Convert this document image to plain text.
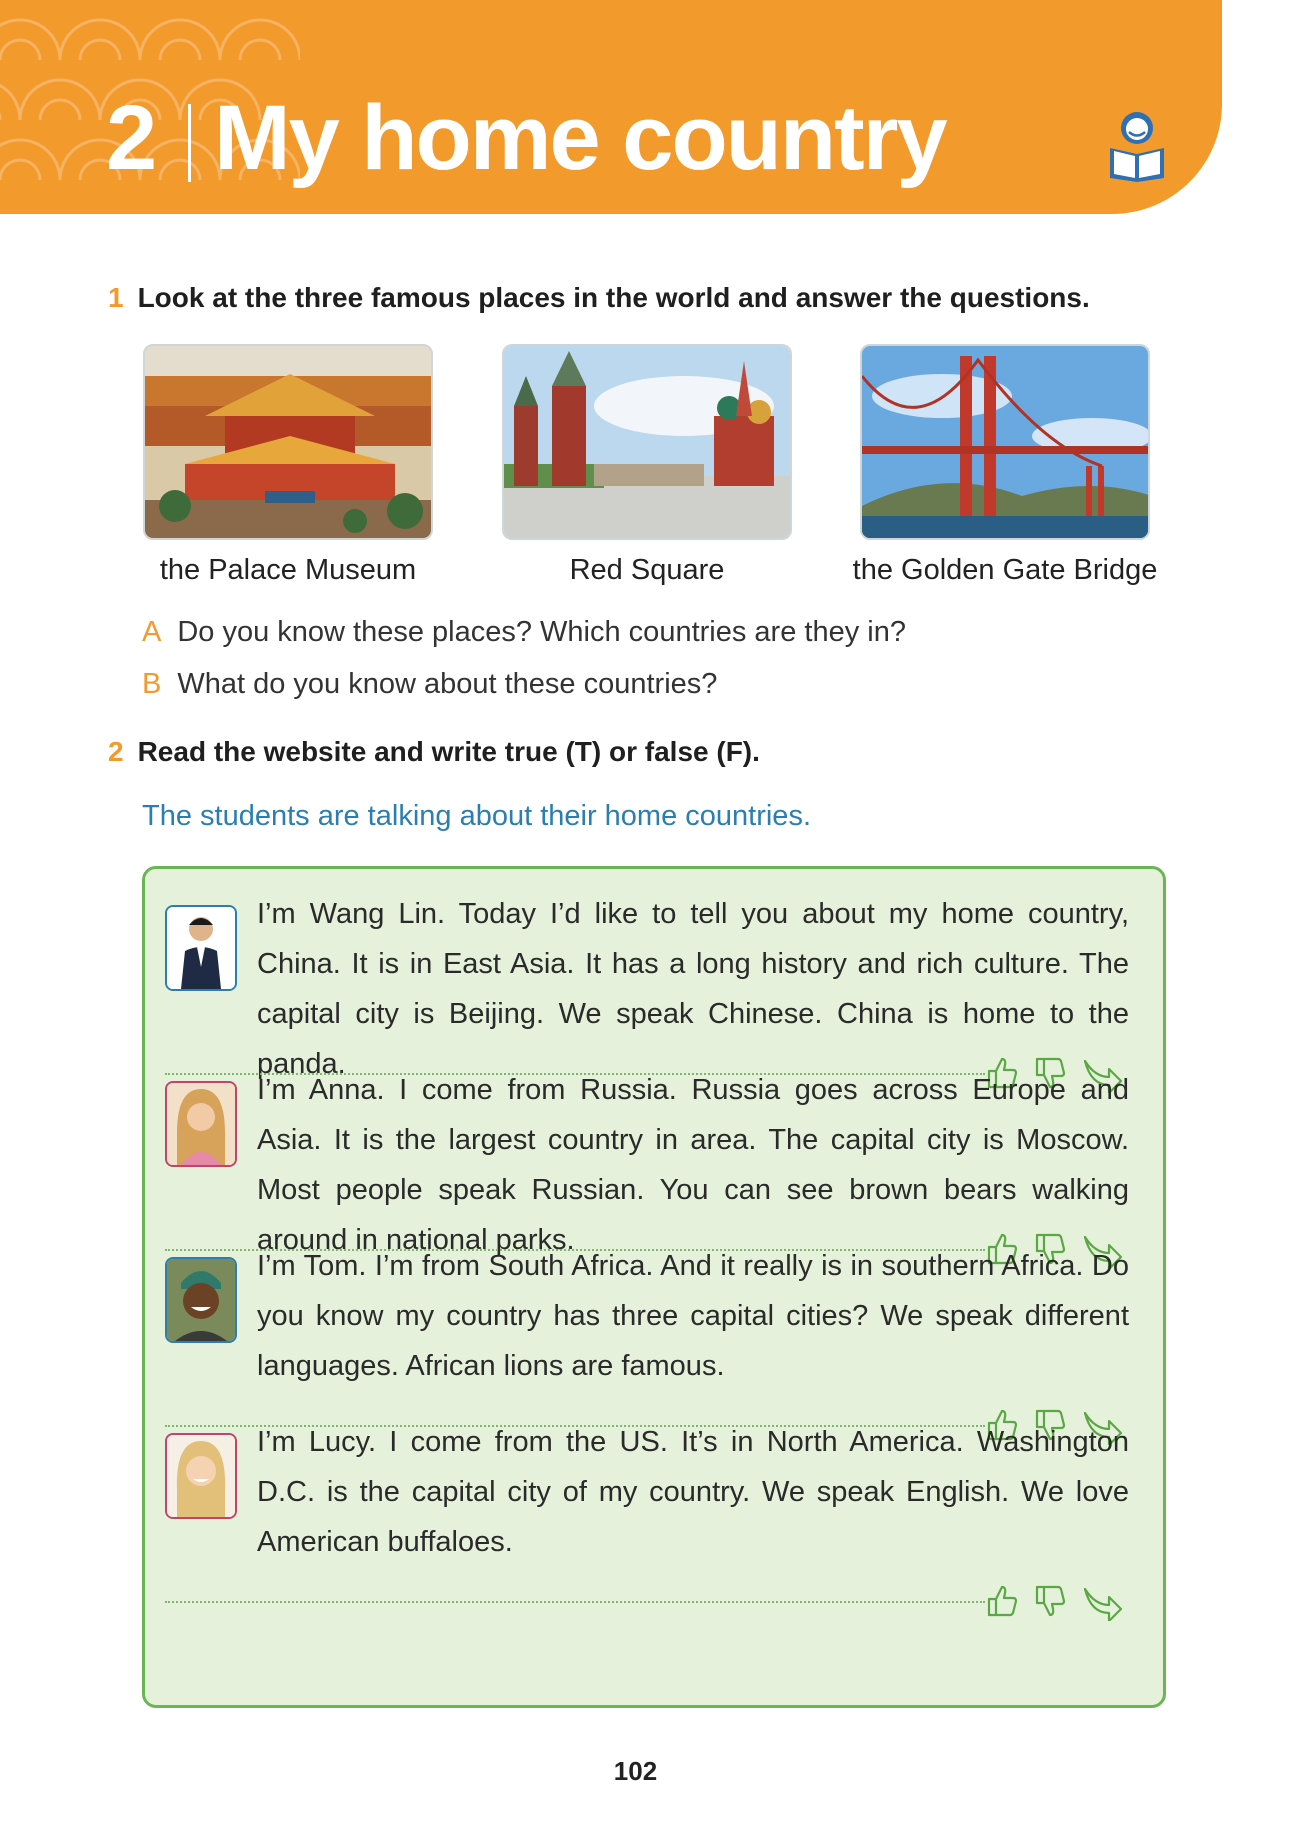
2 My home country
1 Look at the three famous places in the world and answer the questions.
the Palace Museum	Red Square	the Golden Gate Bridge
A Do you know these places? Which countries are they in?
B What do you know about these countries?
2 Read the website and write true (T) or false (F).
The students are talking about their home countries.
I’m Wang Lin. Today I’d like to tell you about my home country, China. It is in East Asia. It has a long history and rich culture. The capital city is Beijing. We speak Chinese. China is home to the panda.
I’m Anna. I come from Russia. Russia goes across Europe and Asia. It is the largest country in area. The capital city is Moscow. Most people speak Russian. You can see brown bears walking around in national parks.
I’m Tom. I’m from South Africa. And it really is in southern Africa. Do you know my country has three capital cities? We speak different languages. African lions are famous.
I’m Lucy. I come from the US. It’s in North America. Washington D.C. is the capital city of my country. We speak English. We love American buffaloes.
102
